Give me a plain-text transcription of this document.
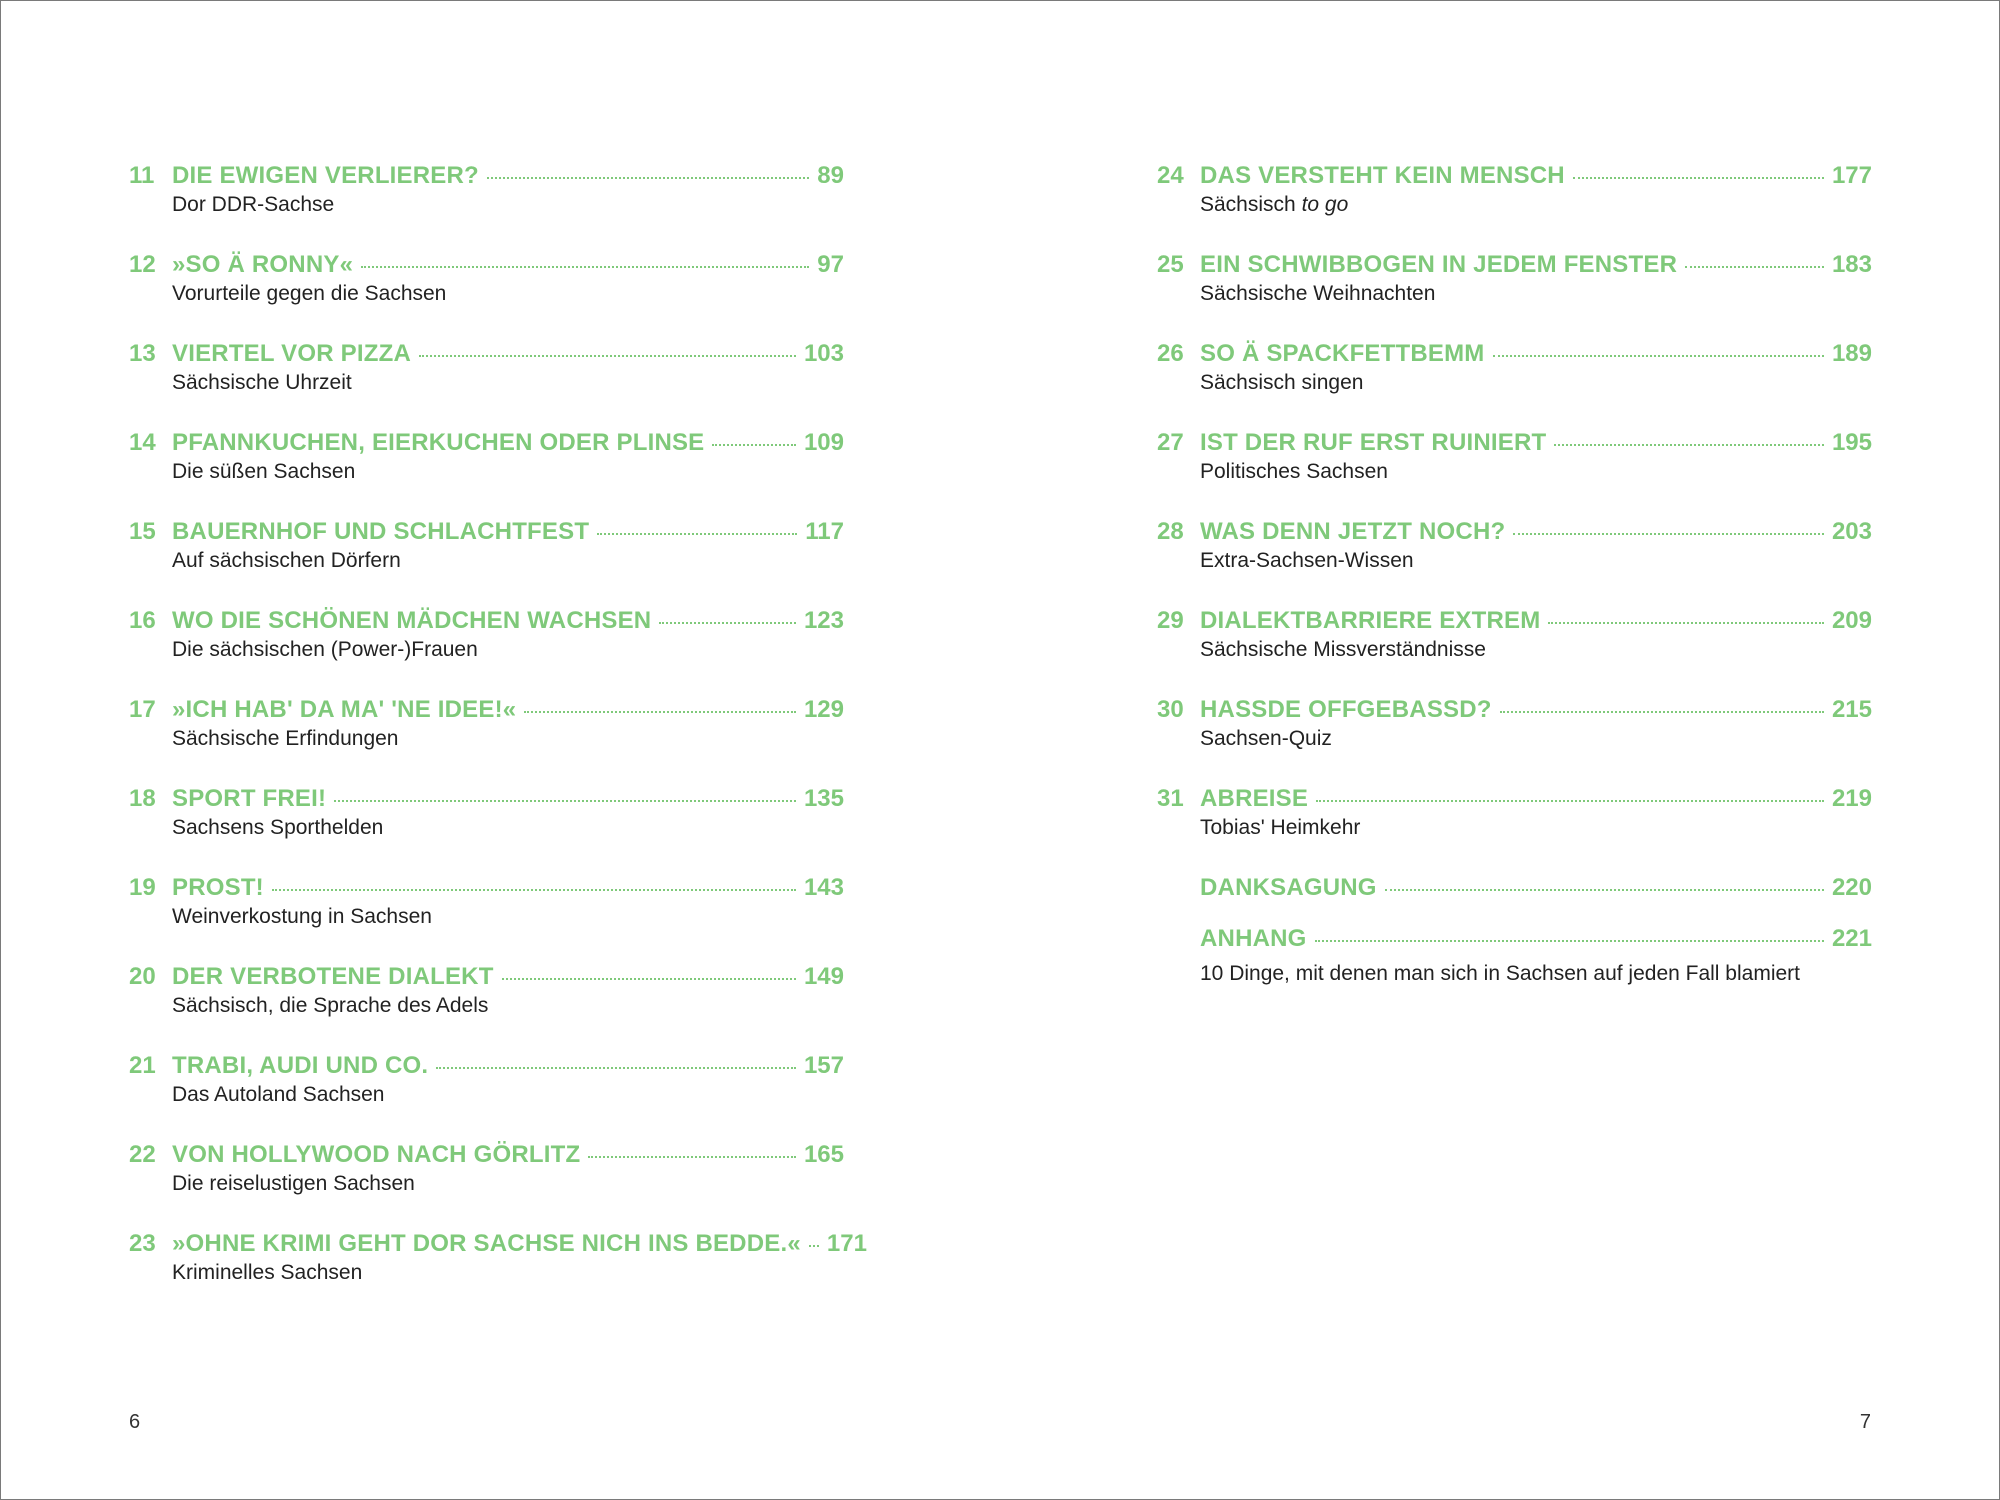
11 DIE EWIGEN VERLIERER?	89
Dor DDR-Sachse
12 »SO Ä RONNY«	97
Vorurteile gegen die Sachsen
13 VIERTEL VOR PIZZA	103
Sächsische Uhrzeit
14 PFANNKUCHEN, EIERKUCHEN ODER PLINSE	109
Die süßen Sachsen
15 BAUERNHOF UND SCHLACHTFEST	117
Auf sächsischen Dörfern
16 WO DIE SCHÖNEN MÄDCHEN WACHSEN	123
Die sächsischen (Power-)Frauen
17 »ICH HAB' DA MA' 'NE IDEE!«	129
Sächsische Erfindungen
18 SPORT FREI!	135
Sachsens Sporthelden
19 PROST!	143
Weinverkostung in Sachsen
20 DER VERBOTENE DIALEKT	149
Sächsisch, die Sprache des Adels
21 TRABI, AUDI UND CO.	157
Das Autoland Sachsen
22 VON HOLLYWOOD NACH GÖRLITZ	165
Die reiselustigen Sachsen
23 »OHNE KRIMI GEHT DOR SACHSE NICH INS BEDDE.« 171
Kriminelles Sachsen
6
24 DAS VERSTEHT KEIN MENSCH	177
Sächsisch to go
25 EIN SCHWIBBOGEN IN JEDEM FENSTER	183
Sächsische Weihnachten
26 SO Ä SPACKFETTBEMM	189
Sächsisch singen
27 IST DER RUF ERST RUINIERT	195
Politisches Sachsen
28 WAS DENN JETZT NOCH?	203
Extra-Sachsen-Wissen
29 DIALEKTBARRIERE EXTREM	209
Sächsische Missverständnisse
30 HASSDE OFFGEBASSD?	215
Sachsen-Quiz
31 ABREISE	219
Tobias' Heimkehr
DANKSAGUNG	220
ANHANG	221
10 Dinge, mit denen man sich in Sachsen auf jeden Fall blamiert
7
